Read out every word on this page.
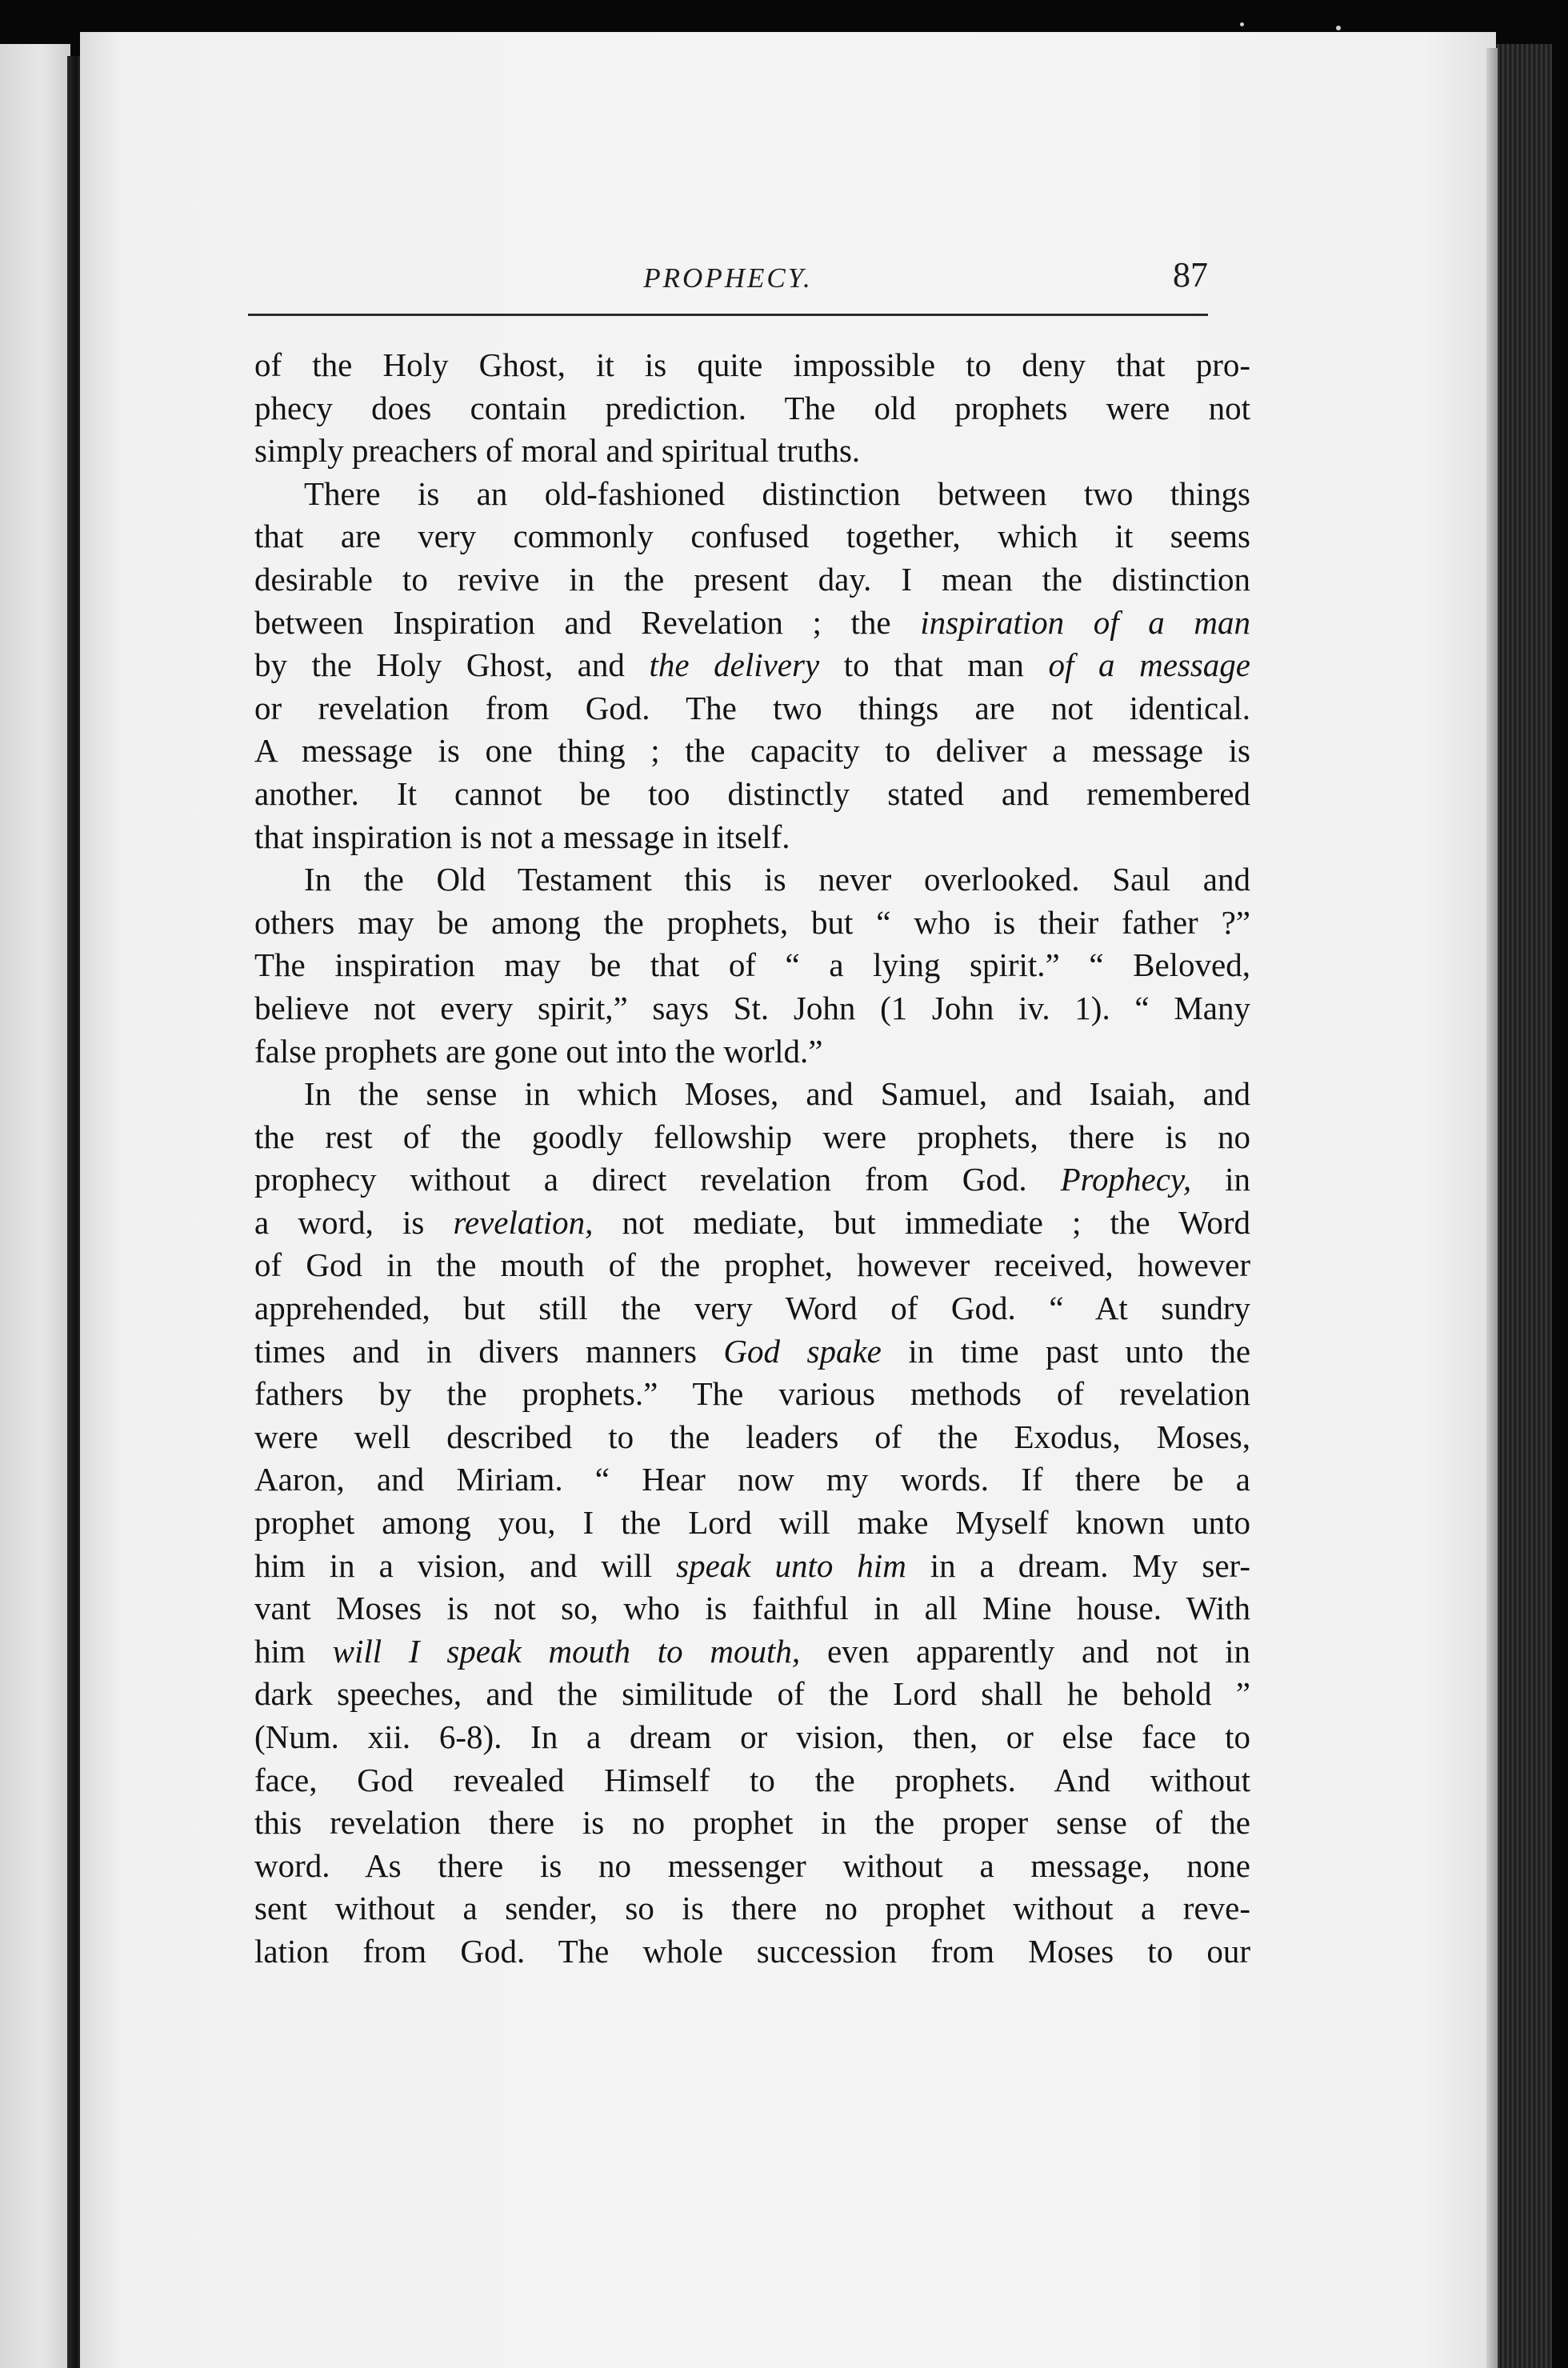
PROPHECY.	87
of the Holy Ghost, it is quite impossible to deny that pro-
phecy does contain prediction. The old prophets were not
simply preachers of moral and spiritual truths.
There is an old-fashioned distinction between two things
that are very commonly confused together, which it seems
desirable to revive in the present day. I mean the distinction
between Inspiration and Revelation ; the inspiration of a man
by the Holy Ghost, and the delivery to that man of a message
or revelation from God. The two things are not identical.
A message is one thing ; the capacity to deliver a message is
another. It cannot be too distinctly stated and remembered
that inspiration is not a message in itself.
In the Old Testament this is never overlooked. Saul and
others may be among the prophets, but “ who is their father ?”
The inspiration may be that of “ a lying spirit.” “ Beloved,
believe not every spirit,” says St. John (1 John iv. 1). “ Many
false prophets are gone out into the world.”
In the sense in which Moses, and Samuel, and Isaiah, and
the rest of the goodly fellowship were prophets, there is no
prophecy without a direct revelation from God. Prophecy, in
a word, is revelation, not mediate, but immediate ; the Word
of God in the mouth of the prophet, however received, however
apprehended, but still the very Word of God. “ At sundry
times and in divers manners God spake in time past unto the
fathers by the prophets.” The various methods of revelation
were well described to the leaders of the Exodus, Moses,
Aaron, and Miriam. “ Hear now my words. If there be a
prophet among you, I the Lord will make Myself known unto
him in a vision, and will speak unto him in a dream. My ser-
vant Moses is not so, who is faithful in all Mine house. With
him will I speak mouth to mouth, even apparently and not in
dark speeches, and the similitude of the Lord shall he behold ”
(Num. xii. 6-8). In a dream or vision, then, or else face to
face, God revealed Himself to the prophets. And without
this revelation there is no prophet in the proper sense of the
word. As there is no messenger without a message, none
sent without a sender, so is there no prophet without a reve-
lation from God. The whole succession from Moses to our
